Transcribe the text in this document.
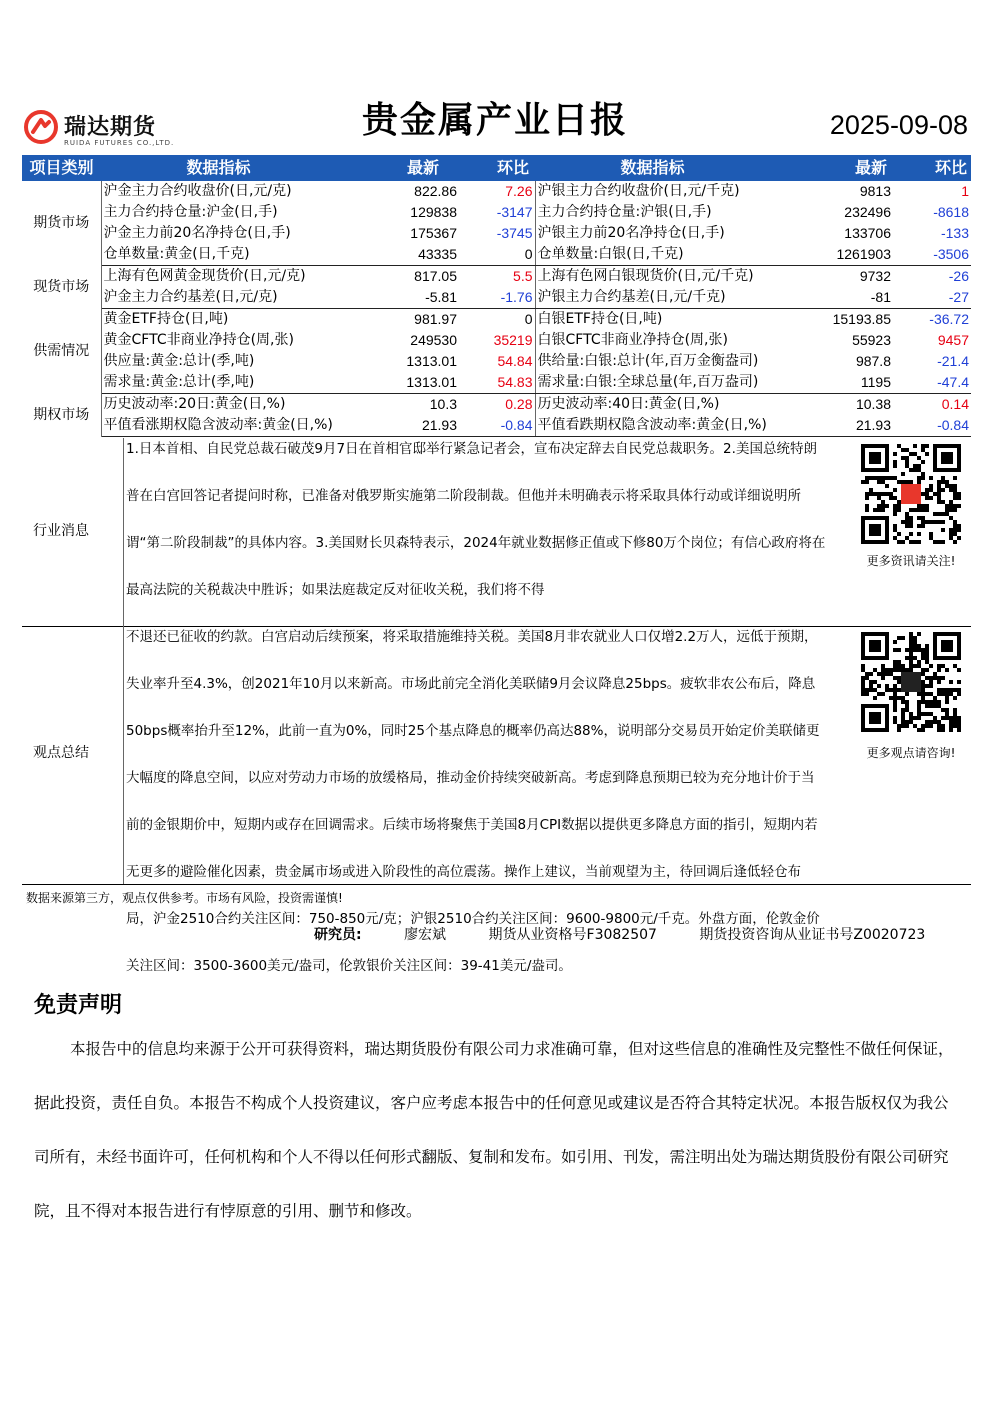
瑞达期货
RUIDA FUTURES CO.,LTD.
贵金属产业日报	2025-09-08
项目类别	数据指标	最新	环比	数据指标	最新	环比
期货市场	沪金主力合约收盘价(日,元/克)	822.86	7.26	沪银主力合约收盘价(日,元/千克)	9813	1
	主力合约持仓量:沪金(日,手)	129838	-3147	主力合约持仓量:沪银(日,手)	232496	-8618
	沪金主力前20名净持仓(日,手)	175367	-3745	沪银主力前20名净持仓(日,手)	133706	-133
	仓单数量:黄金(日,千克)	43335	0	仓单数量:白银(日,千克)	1261903	-3506
现货市场	上海有色网黄金现货价(日,元/克)	817.05	5.5	上海有色网白银现货价(日,元/千克)	9732	-26
	沪金主力合约基差(日,元/克)	-5.81	-1.76	沪银主力合约基差(日,元/千克)	-81	-27
供需情况	黄金ETF持仓(日,吨)	981.97	0	白银ETF持仓(日,吨)	15193.85	-36.72
	黄金CFTC非商业净持仓(周,张)	249530	35219	白银CFTC非商业净持仓(周,张)	55923	9457
	供应量:黄金:总计(季,吨)	1313.01	54.84	供给量:白银:总计(年,百万金衡盎司)	987.8	-21.4
	需求量:黄金:总计(季,吨)	1313.01	54.83	需求量:白银:全球总量(年,百万盎司)	1195	-47.4
期权市场	历史波动率:20日:黄金(日,%)	10.3	0.28	历史波动率:40日:黄金(日,%)	10.38	0.14
	平值看涨期权隐含波动率:黄金(日,%)	21.93	-0.84	平值看跌期权隐含波动率:黄金(日,%)	21.93	-0.84
行业消息
1.日本首相、自民党总裁石破茂9月7日在首相官邸举行紧急记者会，宣布决定辞去自民党总裁职务。2.美国总统特朗普在白宫回答记者提问时称，已准备对俄罗斯实施第二阶段制裁。但他并未明确表示将采取具体行动或详细说明所谓“第二阶段制裁”的具体内容。3.美国财长贝森特表示，2024年就业数据修正值或下修80万个岗位；有信心政府将在最高法院的关税裁决中胜诉；如果法庭裁定反对征收关税，我们将不得
更多资讯请关注!
观点总结
不退还已征收的约款。白宫启动后续预案，将采取措施维持关税。美国8月非农就业人口仅增2.2万人，远低于预期，失业率升至4.3%，创2021年10月以来新高。市场此前完全消化美联储9月会议降息25bps。疲软非农公布后，降息50bps概率抬升至12%，此前一直为0%，同时25个基点降息的概率仍高达88%，说明部分交易员开始定价美联储更大幅度的降息空间，以应对劳动力市场的放缓格局，推动金价持续突破新高。考虑到降息预期已较为充分地计价于当前的金银期价中，短期内或存在回调需求。后续市场将聚焦于美国8月CPI数据以提供更多降息方面的指引，短期内若无更多的避险催化因素，贵金属市场或进入阶段性的高位震荡。操作上建议，当前观望为主，待回调后逢低轻仓布局，沪金2510合约关注区间：750-850元/克；沪银2510合约关注区间：9600-9800元/千克。外盘方面，伦敦金价关注区间：3500-3600美元/盎司，伦敦银价关注区间：39-41美元/盎司。
更多观点请咨询!
数据来源第三方，观点仅供参考。市场有风险，投资需谨慎!
研究员:	廖宏斌	期货从业资格号F3082507	期货投资咨询从业证书号Z0020723
免责声明
本报告中的信息均来源于公开可获得资料，瑞达期货股份有限公司力求准确可靠，但对这些信息的准确性及完整性不做任何保证，据此投资，责任自负。本报告不构成个人投资建议，客户应考虑本报告中的任何意见或建议是否符合其特定状况。本报告版权仅为我公司所有，未经书面许可，任何机构和个人不得以任何形式翻版、复制和发布。如引用、刊发，需注明出处为瑞达期货股份有限公司研究院，且不得对本报告进行有悖原意的引用、删节和修改。
